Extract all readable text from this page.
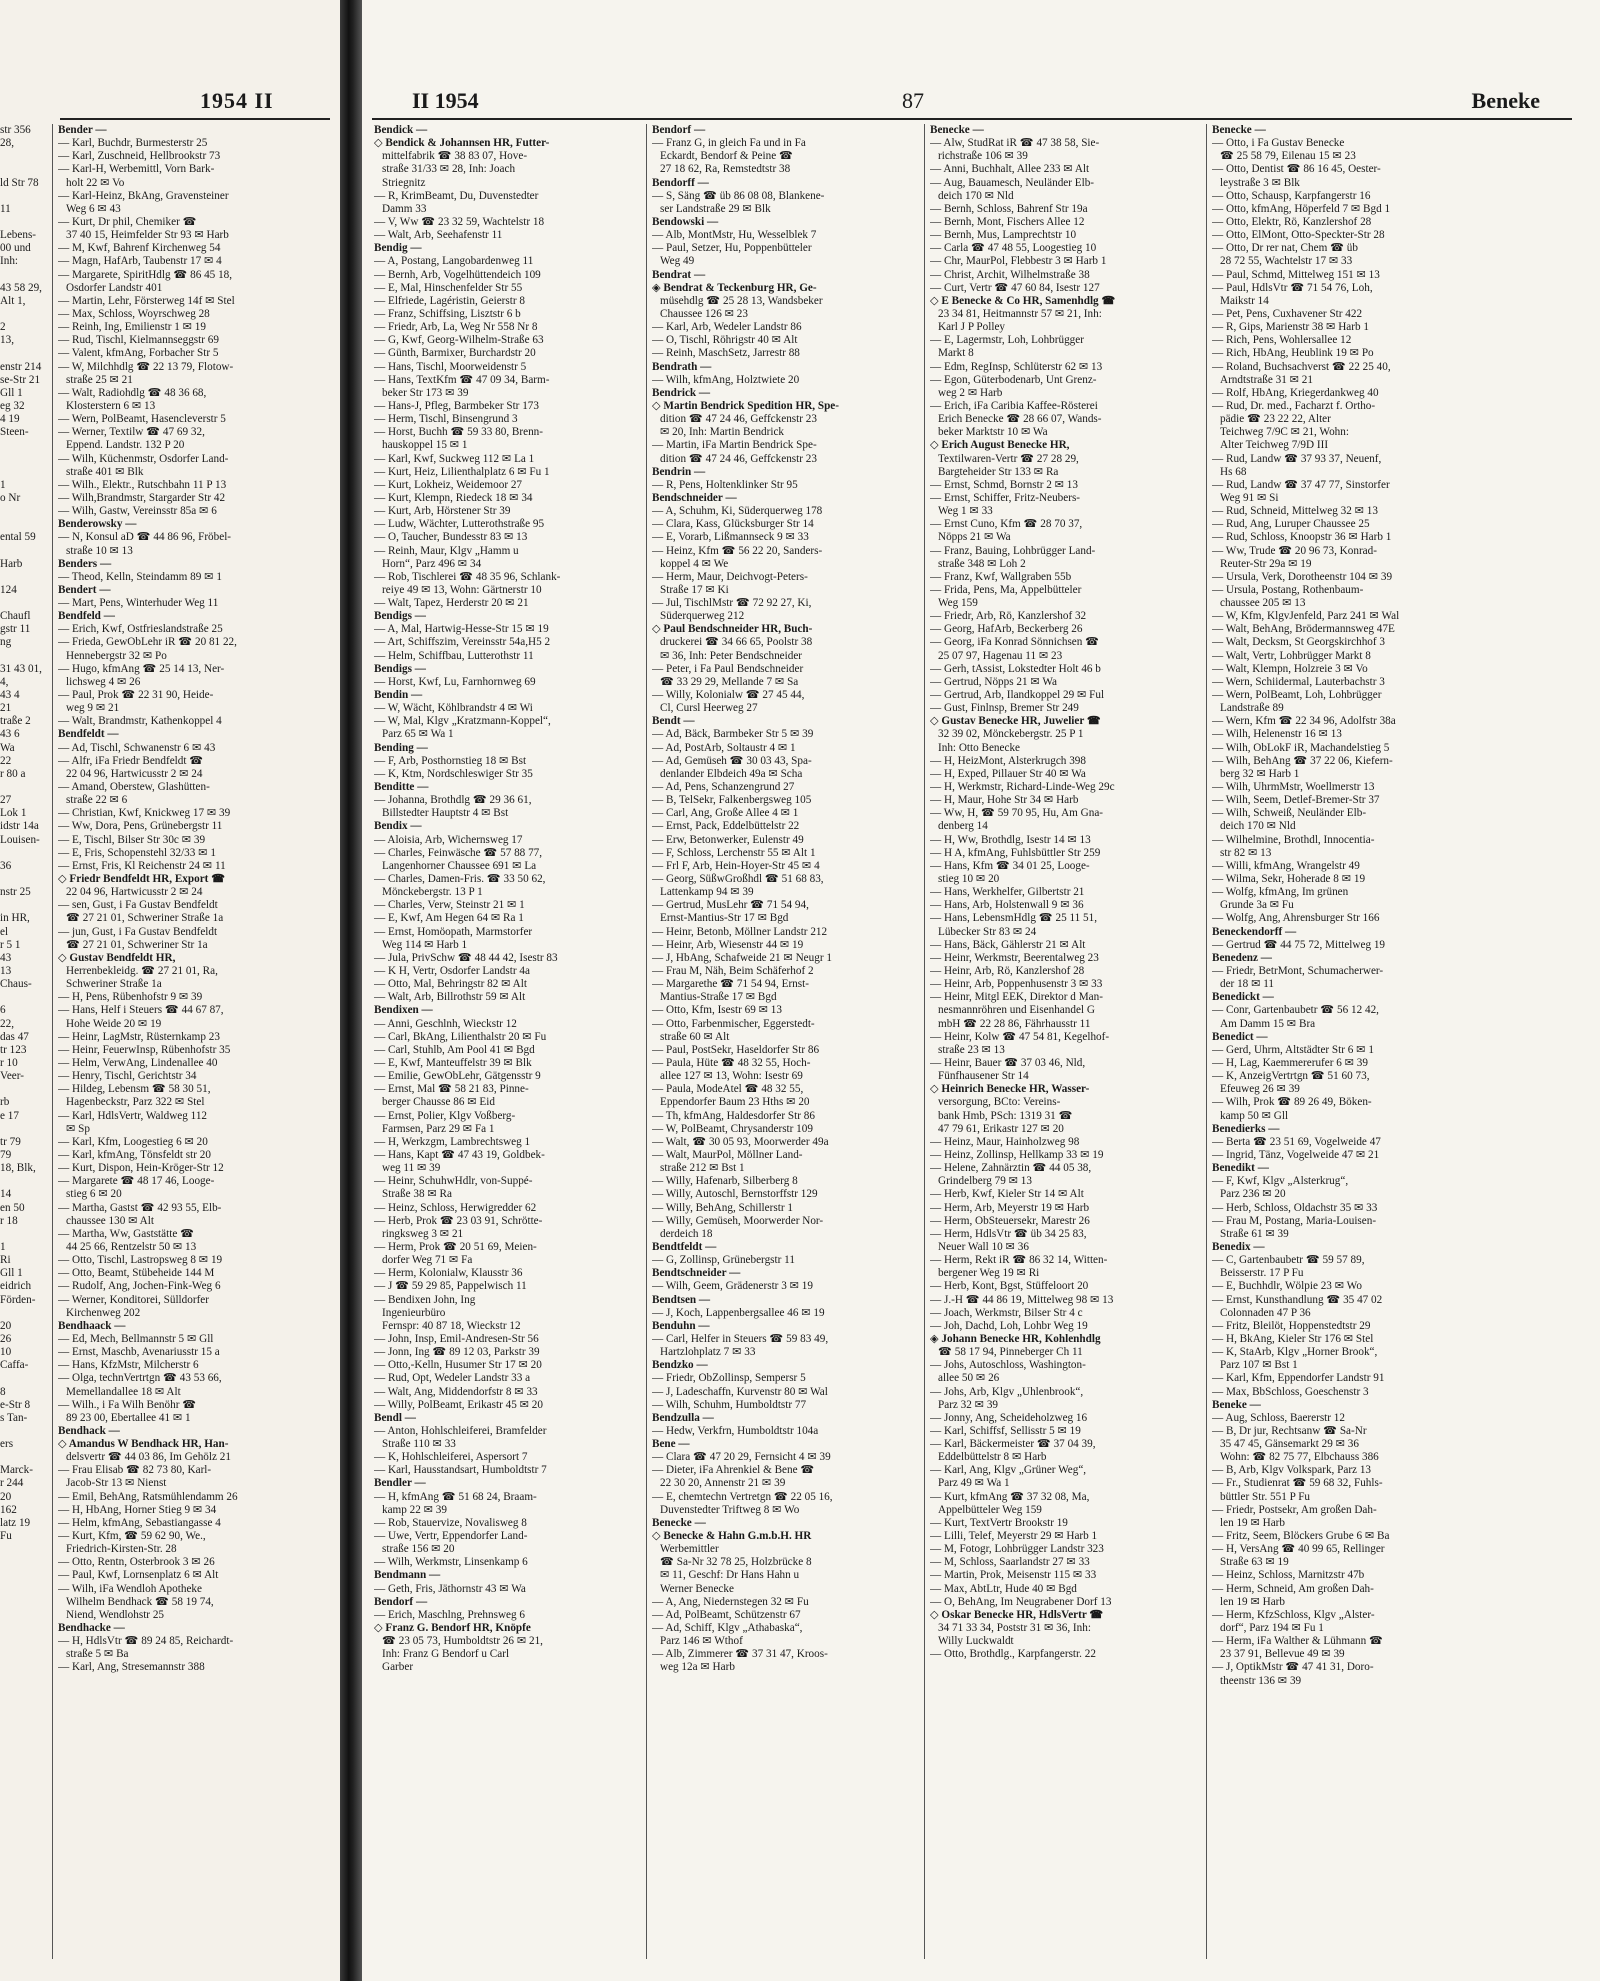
1954 II
str 356
28,
ld Str 78
11
Lebens-
00 und
Inh:
43 58 29,
Alt 1,
2
13,
enstr 214
se-Str 21
Gll 1
eg 32
4 19
Steen-
1
o Nr
ental 59
Harb
124
Chaufl
gstr 11
ng
31 43 01,
4,
43 4
21
traße 2
43 6
Wa
22
r 80 a
27
Lok 1
idstr 14a
Louisen-
36
nstr 25
in HR,
el
r 5 1
43
13
Chaus-
6
22,
das 47
tr 123
r 10
Veer-
rb
e 17
tr 79
79
18, Blk,
14
en 50
r 18
1
Ri
Gll 1
eidrich
Förden-
20
26
10
Caffa-
8
e-Str 8
s Tan-
ers
Marck-
r 244
20
162
latz 19
Fu
Bender —
— Karl, Buchdr, Burmesterstr 25
— Karl, Zuschneid, Hellbrookstr 73
— Karl-H, Werbemittl, Vorn Bark-
holt 22 ✉ Vo
— Karl-Heinz, BkAng, Gravensteiner
Weg 6 ✉ 43
— Kurt, Dr phil, Chemiker ☎
37 40 15, Heimfelder Str 93 ✉ Harb
— M, Kwf, Bahrenf Kirchenweg 54
— Magn, HafArb, Taubenstr 17 ✉ 4
— Margarete, SpiritHdlg ☎ 86 45 18,
Osdorfer Landstr 401
— Martin, Lehr, Försterweg 14f ✉ Stel
— Max, Schloss, Woyrschweg 28
— Reinh, Ing, Emilienstr 1 ✉ 19
— Rud, Tischl, Kielmannseggstr 69
— Valent, kfmAng, Forbacher Str 5
— W, Milchhdlg ☎ 22 13 79, Flotow-
straße 25 ✉ 21
— Walt, Radiohdlg ☎ 48 36 68,
Klosterstern 6 ✉ 13
— Wern, PolBeamt, Hasencleverstr 5
— Werner, Textilw ☎ 47 69 32,
Eppend. Landstr. 132 P 20
— Wilh, Küchenmstr, Osdorfer Land-
straße 401 ✉ Blk
— Wilh., Elektr., Rutschbahn 11 P 13
— Wilh,Brandmstr, Stargarder Str 42
— Wilh, Gastw, Vereinsstr 85a ✉ 6
Benderowsky —
— N, Konsul aD ☎ 44 86 96, Fröbel-
straße 10 ✉ 13
Benders —
— Theod, Kelln, Steindamm 89 ✉ 1
Bendert —
— Mart, Pens, Winterhuder Weg 11
Bendfeld —
— Erich, Kwf, Ostfrieslandstraße 25
— Frieda, GewObLehr iR ☎ 20 81 22,
Hennebergstr 32 ✉ Po
— Hugo, kfmAng ☎ 25 14 13, Ner-
lichsweg 4 ✉ 26
— Paul, Prok ☎ 22 31 90, Heide-
weg 9 ✉ 21
— Walt, Brandmstr, Kathenkoppel 4
Bendfeldt —
— Ad, Tischl, Schwanenstr 6 ✉ 43
— Alfr, iFa Friedr Bendfeldt ☎
22 04 96, Hartwicusstr 2 ✉ 24
— Amand, Oberstew, Glashütten-
straße 22 ✉ 6
— Christian, Kwf, Knickweg 17 ✉ 39
— Ww, Dora, Pens, Grünebergstr 11
— E, Tischl, Bilser Str 30c ✉ 39
— E, Fris, Schopenstehl 32/33 ✉ 1
— Ernst, Fris, Kl Reichenstr 24 ✉ 11
◇ Friedr Bendfeldt HR, Export ☎
22 04 96, Hartwicusstr 2 ✉ 24
— sen, Gust, i Fa Gustav Bendfeldt
☎ 27 21 01, Schweriner Straße 1a
— jun, Gust, i Fa Gustav Bendfeldt
☎ 27 21 01, Schweriner Str 1a
◇ Gustav Bendfeldt HR,
Herrenbekleidg. ☎ 27 21 01, Ra,
Schweriner Straße 1a
— H, Pens, Rübenhofstr 9 ✉ 39
— Hans, Helf i Steuers ☎ 44 67 87,
Hohe Weide 20 ✉ 19
— Heinr, LagMstr, Rüsternkamp 23
— Heinr, FeuerwInsp, Rübenhofstr 35
— Helm, VerwAng, Lindenallee 40
— Henry, Tischl, Gerichtstr 34
— Hildeg, Lebensm ☎ 58 30 51,
Hagenbeckstr, Parz 322 ✉ Stel
— Karl, HdlsVertr, Waldweg 112
✉ Sp
— Karl, Kfm, Loogestieg 6 ✉ 20
— Karl, kfmAng, Tönsfeldt str 20
— Kurt, Dispon, Hein-Kröger-Str 12
— Margarete ☎ 48 17 46, Looge-
stieg 6 ✉ 20
— Martha, Gastst ☎ 42 93 55, Elb-
chaussee 130 ✉ Alt
— Martha, Ww, Gaststätte ☎
44 25 66, Rentzelstr 50 ✉ 13
— Otto, Tischl, Lastropsweg 8 ✉ 19
— Otto, Beamt, Stübeheide 144 M
— Rudolf, Ang, Jochen-Fink-Weg 6
— Werner, Konditorei, Sülldorfer
Kirchenweg 202
Bendhaack —
— Ed, Mech, Bellmannstr 5 ✉ Gll
— Ernst, Maschb, Avenariusstr 15 a
— Hans, KfzMstr, Milcherstr 6
— Olga, technVertrtgn ☎ 43 53 66,
Memellandallee 18 ✉ Alt
— Wilh., i Fa Wilh Benöhr ☎
89 23 00, Ebertallee 41 ✉ 1
Bendhack —
◇ Amandus W Bendhack HR, Han-
delsvertr ☎ 44 03 86, Im Gehölz 21
— Frau Elisab ☎ 82 73 80, Karl-
Jacob-Str 13 ✉ Nienst
— Emil, BehAng, Ratsmühlendamm 26
— H, HbAng, Horner Stieg 9 ✉ 34
— Helm, kfmAng, Sebastiangasse 4
— Kurt, Kfm, ☎ 59 62 90, We.,
Friedrich-Kirsten-Str. 28
— Otto, Rentn, Osterbrook 3 ✉ 26
— Paul, Kwf, Lornsenplatz 6 ✉ Alt
— Wilh, iFa Wendloh Apotheke
Wilhelm Bendhack ☎ 58 19 74,
Niend, Wendlohstr 25
Bendhacke —
— H, HdlsVtr ☎ 89 24 85, Reichardt-
straße 5 ✉ Ba
— Karl, Ang, Stresemannstr 388
II 1954	87	Beneke
Bendick —
◇ Bendick & Johannsen HR, Futter-
mittelfabrik ☎ 38 83 07, Hove-
straße 31/33 ✉ 28, Inh: Joach
Striegnitz
— R, KrimBeamt, Du, Duvenstedter
Damm 33
— V, Ww ☎ 23 32 59, Wachtelstr 18
— Walt, Arb, Seehafenstr 11
Bendig —
— A, Postang, Langobardenweg 11
— Bernh, Arb, Vogelhüttendeich 109
— E, Mal, Hinschenfelder Str 55
— Elfriede, Lagéristin, Geierstr 8
— Franz, Schiffsing, Lisztstr 6 b
— Friedr, Arb, La, Weg Nr 558 Nr 8
— G, Kwf, Georg-Wilhelm-Straße 63
— Günth, Barmixer, Burchardstr 20
— Hans, Tischl, Moorweidenstr 5
— Hans, TextKfm ☎ 47 09 34, Barm-
beker Str 173 ✉ 39
— Hans-J, Pfleg, Barmbeker Str 173
— Herm, Tischl, Binsengrund 3
— Horst, Buchh ☎ 59 33 80, Brenn-
hauskoppel 15 ✉ 1
— Karl, Kwf, Suckweg 112 ✉ La 1
— Kurt, Heiz, Lilienthalplatz 6 ✉ Fu 1
— Kurt, Lokheiz, Weidemoor 27
— Kurt, Klempn, Riedeck 18 ✉ 34
— Kurt, Arb, Hörstener Str 39
— Ludw, Wächter, Lutterothstraße 95
— O, Taucher, Bundesstr 83 ✉ 13
— Reinh, Maur, Klgv „Hamm u
Horn“, Parz 496 ✉ 34
— Rob, Tischlerei ☎ 48 35 96, Schlank-
reiye 49 ✉ 13, Wohn: Gärtnerstr 10
— Walt, Tapez, Herderstr 20 ✉ 21
Bendigs —
— A, Mal, Hartwig-Hesse-Str 15 ✉ 19
— Art, Schiffszim, Vereinsstr 54a,H5 2
— Helm, Schiffbau, Lutterothstr 11
Bendigs —
— Horst, Kwf, Lu, Farnhornweg 69
Bendin —
— W, Wächt, Köhlbrandstr 4 ✉ Wi
— W, Mal, Klgv „Kratzmann-Koppel“,
Parz 65 ✉ Wa 1
Bending —
— F, Arb, Posthornstieg 18 ✉ Bst
— K, Ktm, Nordschleswiger Str 35
Benditte —
— Johanna, Brothdlg ☎ 29 36 61,
Billstedter Hauptstr 4 ✉ Bst
Bendix —
— Aloisia, Arb, Wichernsweg 17
— Charles, Feinwäsche ☎ 57 88 77,
Langenhorner Chaussee 691 ✉ La
— Charles, Damen-Fris. ☎ 33 50 62,
Mönckebergstr. 13 P 1
— Charles, Verw, Steinstr 21 ✉ 1
— E, Kwf, Am Hegen 64 ✉ Ra 1
— Ernst, Homöopath, Marmstorfer
Weg 114 ✉ Harb 1
— Jula, PrivSchw ☎ 48 44 42, Isestr 83
— K H, Vertr, Osdorfer Landstr 4a
— Otto, Mal, Behringstr 82 ✉ Alt
— Walt, Arb, Billrothstr 59 ✉ Alt
Bendixen —
— Anni, Geschlnh, Wieckstr 12
— Carl, BkAng, Lilienthalstr 20 ✉ Fu
— Carl, Stuhlb, Am Pool 41 ✉ Bgd
— E, Kwf, Manteuffelstr 39 ✉ Blk
— Emilie, GewObLehr, Gätgensstr 9
— Ernst, Mal ☎ 58 21 83, Pinne-
berger Chausse 86 ✉ Eid
— Ernst, Polier, Klgv Voßberg-
Farmsen, Parz 29 ✉ Fa 1
— H, Werkzgm, Lambrechtsweg 1
— Hans, Kapt ☎ 47 43 19, Goldbek-
weg 11 ✉ 39
— Heinr, SchuhwHdlr, von-Suppé-
Straße 38 ✉ Ra
— Heinz, Schloss, Herwigredder 62
— Herb, Prok ☎ 23 03 91, Schrötte-
ringksweg 3 ✉ 21
— Herm, Prok ☎ 20 51 69, Meien-
dorfer Weg 71 ✉ Fa
— Herm, Kolonialw, Klausstr 36
— J ☎ 59 29 85, Pappelwisch 11
— Bendixen John, Ing
Ingenieurbüro
Fernspr: 40 87 18, Wieckstr 12
— John, Insp, Emil-Andresen-Str 56
— Jonn, Ing ☎ 89 12 03, Parkstr 39
— Otto,-Kelln, Husumer Str 17 ✉ 20
— Rud, Opt, Wedeler Landstr 33 a
— Walt, Ang, Middendorfstr 8 ✉ 33
— Willy, PolBeamt, Erikastr 45 ✉ 20
Bendl —
— Anton, Hohlschleiferei, Bramfelder
Straße 110 ✉ 33
— K, Hohlschleiferei, Aspersort 7
— Karl, Hausstandsart, Humboldtstr 7
Bendler —
— H, kfmAng ☎ 51 68 24, Braam-
kamp 22 ✉ 39
— Rob, Stauervize, Novalisweg 8
— Uwe, Vertr, Eppendorfer Land-
straße 156 ✉ 20
— Wilh, Werkmstr, Linsenkamp 6
Bendmann —
— Geth, Fris, Jäthornstr 43 ✉ Wa
Bendorf —
— Erich, Maschlng, Prehnsweg 6
◇ Franz G. Bendorf HR, Knöpfe
☎ 23 05 73, Humboldtstr 26 ✉ 21,
Inh: Franz G Bendorf u Carl
Garber
Bendorf —
— Franz G, in gleich Fa und in Fa
Eckardt, Bendorf & Peine ☎
27 18 62, Ra, Remstedtstr 38
Bendorff —
— S, Säng ☎ üb 86 08 08, Blankene-
ser Landstraße 29 ✉ Blk
Bendowski —
— Alb, MontMstr, Hu, Wesselblek 7
— Paul, Setzer, Hu, Poppenbütteler
Weg 49
Bendrat —
◈ Bendrat & Teckenburg HR, Ge-
müsehdlg ☎ 25 28 13, Wandsbeker
Chaussee 126 ✉ 23
— Karl, Arb, Wedeler Landstr 86
— O, Tischl, Röhrigstr 40 ✉ Alt
— Reinh, MaschSetz, Jarrestr 88
Bendrath —
— Wilh, kfmAng, Holztwiete 20
Bendrick —
◇ Martin Bendrick Spedition HR, Spe-
dition ☎ 47 24 46, Geffckenstr 23
✉ 20, Inh: Martin Bendrick
— Martin, iFa Martin Bendrick Spe-
dition ☎ 47 24 46, Geffckenstr 23
Bendrin —
— R, Pens, Holtenklinker Str 95
Bendschneider —
— A, Schuhm, Ki, Süderquerweg 178
— Clara, Kass, Glücksburger Str 14
— E, Vorarb, Lißmannseck 9 ✉ 33
— Heinz, Kfm ☎ 56 22 20, Sanders-
koppel 4 ✉ We
— Herm, Maur, Deichvogt-Peters-
Straße 17 ✉ Ki
— Jul, TischlMstr ☎ 72 92 27, Ki,
Süderquerweg 212
◇ Paul Bendschneider HR, Buch-
druckerei ☎ 34 66 65, Poolstr 38
✉ 36, Inh: Peter Bendschneider
— Peter, i Fa Paul Bendschneider
☎ 33 29 29, Mellande 7 ✉ Sa
— Willy, Kolonialw ☎ 27 45 44,
Cl, Cursl Heerweg 27
Bendt —
— Ad, Bäck, Barmbeker Str 5 ✉ 39
— Ad, PostArb, Soltaustr 4 ✉ 1
— Ad, Gemüseh ☎ 30 03 43, Spa-
denlander Elbdeich 49a ✉ Scha
— Ad, Pens, Schanzengrund 27
— B, TelSekr, Falkenbergsweg 105
— Carl, Ang, Große Allee 4 ✉ 1
— Ernst, Pack, Eddelbüttelstr 22
— Erw, Betonwerker, Eulenstr 49
— F, Schloss, Lerchenstr 55 ✉ Alt 1
— Frl F, Arb, Hein-Hoyer-Str 45 ✉ 4
— Georg, SüßwGroßhdl ☎ 51 68 83,
Lattenkamp 94 ✉ 39
— Gertrud, MusLehr ☎ 71 54 94,
Ernst-Mantius-Str 17 ✉ Bgd
— Heinr, Betonb, Möllner Landstr 212
— Heinr, Arb, Wiesenstr 44 ✉ 19
— J, HbAng, Schafweide 21 ✉ Neugr 1
— Frau M, Näh, Beim Schäferhof 2
— Margarethe ☎ 71 54 94, Ernst-
Mantius-Straße 17 ✉ Bgd
— Otto, Kfm, Isestr 69 ✉ 13
— Otto, Farbenmischer, Eggerstedt-
straße 60 ✉ Alt
— Paul, PostSekr, Haseldorfer Str 86
— Paula, Hüte ☎ 48 32 55, Hoch-
allee 127 ✉ 13, Wohn: Isestr 69
— Paula, ModeAtel ☎ 48 32 55,
Eppendorfer Baum 23 Hths ✉ 20
— Th, kfmAng, Haldesdorfer Str 86
— W, PolBeamt, Chrysanderstr 109
— Walt, ☎ 30 05 93, Moorwerder 49a
— Walt, MaurPol, Möllner Land-
straße 212 ✉ Bst 1
— Willy, Hafenarb, Silberberg 8
— Willy, Autoschl, Bernstorffstr 129
— Willy, BehAng, Schillerstr 1
— Willy, Gemüseh, Moorwerder Nor-
derdeich 18
Bendtfeldt —
— G, Zollinsp, Grünebergstr 11
Bendtschneider —
— Wilh, Geem, Grädenerstr 3 ✉ 19
Bendtsen —
— J, Koch, Lappenbergsallee 46 ✉ 19
Benduhn —
— Carl, Helfer in Steuers ☎ 59 83 49,
Hartzlohplatz 7 ✉ 33
Bendzko —
— Friedr, ObZollinsp, Sempersr 5
— J, Ladeschaffn, Kurvenstr 80 ✉ Wal
— Wilh, Schuhm, Humboldtstr 77
Bendzulla —
— Hedw, Verkfrn, Humboldtstr 104a
Bene —
— Clara ☎ 47 20 29, Fernsicht 4 ✉ 39
— Dieter, iFa Ahrenkiel & Bene ☎
22 30 20, Annenstr 21 ✉ 39
— E, chemtechn Vertretgn ☎ 22 05 16,
Duvenstedter Triftweg 8 ✉ Wo
Benecke —
◇ Benecke & Hahn G.m.b.H. HR
Werbemittler
☎ Sa-Nr 32 78 25, Holzbrücke 8
✉ 11, Geschf: Dr Hans Hahn u
Werner Benecke
— A, Ang, Niedernstegen 32 ✉ Fu
— Ad, PolBeamt, Schützenstr 67
— Ad, Schiff, Klgv „Athabaska“,
Parz 146 ✉ Wthof
— Alb, Zimmerer ☎ 37 31 47, Kroos-
weg 12a ✉ Harb
Benecke —
— Alw, StudRat iR ☎ 47 38 58, Sie-
richstraße 106 ✉ 39
— Anni, Buchhalt, Allee 233 ✉ Alt
— Aug, Bauamesch, Neuländer Elb-
deich 170 ✉ Nld
— Bernh, Schloss, Bahrenf Str 19a
— Bernh, Mont, Fischers Allee 12
— Bernh, Mus, Lamprechtstr 10
— Carla ☎ 47 48 55, Loogestieg 10
— Chr, MaurPol, Flebbestr 3 ✉ Harb 1
— Christ, Archit, Wilhelmstraße 38
— Curt, Vertr ☎ 47 60 84, Isestr 127
◇ E Benecke & Co HR, Samenhdlg ☎
23 34 81, Heitmannstr 57 ✉ 21, Inh:
Karl J P Polley
— E, Lagermstr, Loh, Lohbrügger
Markt 8
— Edm, RegInsp, Schlüterstr 62 ✉ 13
— Egon, Güterbodenarb, Unt Grenz-
weg 2 ✉ Harb
— Erich, iFa Caribia Kaffee-Rösterei
Erich Benecke ☎ 28 66 07, Wands-
beker Marktstr 10 ✉ Wa
◇ Erich August Benecke HR,
Textilwaren-Vertr ☎ 27 28 29,
Bargteheider Str 133 ✉ Ra
— Ernst, Schmd, Bornstr 2 ✉ 13
— Ernst, Schiffer, Fritz-Neubers-
Weg 1 ✉ 33
— Ernst Cuno, Kfm ☎ 28 70 37,
Nöpps 21 ✉ Wa
— Franz, Bauing, Lohbrügger Land-
straße 348 ✉ Loh 2
— Franz, Kwf, Wallgraben 55b
— Frida, Pens, Ma, Appelbütteler
Weg 159
— Friedr, Arb, Rö, Kanzlershof 32
— Georg, HafArb, Beckerberg 26
— Georg, iFa Konrad Sönnichsen ☎
25 07 97, Hagenau 11 ✉ 23
— Gerh, tAssist, Lokstedter Holt 46 b
— Gertrud, Nöpps 21 ✉ Wa
— Gertrud, Arb, Ilandkoppel 29 ✉ Ful
— Gust, Finlnsp, Bremer Str 249
◇ Gustav Benecke HR, Juwelier ☎
32 39 02, Mönckebergstr. 25 P 1
Inh: Otto Benecke
— H, HeizMont, Alsterkrugch 398
— H, Exped, Pillauer Str 40 ✉ Wa
— H, Werkmstr, Richard-Linde-Weg 29c
— H, Maur, Hohe Str 34 ✉ Harb
— Ww, H, ☎ 59 70 95, Hu, Am Gna-
denberg 14
— H, Ww, Brothdlg, Isestr 14 ✉ 13
— H A, kfmAng, Fuhlsbüttler Str 259
— Hans, Kfm ☎ 34 01 25, Looge-
stieg 10 ✉ 20
— Hans, Werkhelfer, Gilbertstr 21
— Hans, Arb, Holstenwall 9 ✉ 36
— Hans, LebensmHdlg ☎ 25 11 51,
Lübecker Str 83 ✉ 24
— Hans, Bäck, Gählerstr 21 ✉ Alt
— Heinr, Werkmstr, Beerentalweg 23
— Heinr, Arb, Rö, Kanzlershof 28
— Heinr, Arb, Poppenhusenstr 3 ✉ 33
— Heinr, Mitgl EEK, Direktor d Man-
nesmannröhren und Eisenhandel G
mbH ☎ 22 28 86, Fährhausstr 11
— Heinr, Kolw ☎ 47 54 81, Kegelhof-
straße 23 ✉ 13
— Heinr, Bauer ☎ 37 03 46, Nld,
Fünfhausener Str 14
◇ Heinrich Benecke HR, Wasser-
versorgung, BCto: Vereins-
bank Hmb, PSch: 1319 31 ☎
47 79 61, Erikastr 127 ✉ 20
— Heinz, Maur, Hainholzweg 98
— Heinz, Zollinsp, Hellkamp 33 ✉ 19
— Helene, Zahnärztin ☎ 44 05 38,
Grindelberg 79 ✉ 13
— Herb, Kwf, Kieler Str 14 ✉ Alt
— Herm, Arb, Meyerstr 19 ✉ Harb
— Herm, ObSteuersekr, Marestr 26
— Herm, HdlsVtr ☎ üb 34 25 83,
Neuer Wall 10 ✉ 36
— Herm, Rekt iR ☎ 86 32 14, Witten-
bergener Weg 19 ✉ Ri
— Herb, Kont, Bgst, Stüffeloort 20
— J.-H ☎ 44 86 19, Mittelweg 98 ✉ 13
— Joach, Werkmstr, Bilser Str 4 c
— Joh, Dachd, Loh, Lohbr Weg 19
◈ Johann Benecke HR, Kohlenhdlg
☎ 58 17 94, Pinneberger Ch 11
— Johs, Autoschloss, Washington-
allee 50 ✉ 26
— Johs, Arb, Klgv „Uhlenbrook“,
Parz 32 ✉ 39
— Jonny, Ang, Scheideholzweg 16
— Karl, Schiffsf, Sellisstr 5 ✉ 19
— Karl, Bäckermeister ☎ 37 04 39,
Eddelbüttelstr 8 ✉ Harb
— Karl, Ang, Klgv „Grüner Weg“,
Parz 49 ✉ Wa 1
— Kurt, kfmAng ☎ 37 32 08, Ma,
Appelbütteler Weg 159
— Kurt, TextVertr Brookstr 19
— Lilli, Telef, Meyerstr 29 ✉ Harb 1
— M, Fotogr, Lohbrügger Landstr 323
— M, Schloss, Saarlandstr 27 ✉ 33
— Martin, Prok, Meisenstr 115 ✉ 33
— Max, AbtLtr, Hude 40 ✉ Bgd
— O, BehAng, Im Neugrabener Dorf 13
◇ Oskar Benecke HR, HdlsVertr ☎
34 71 33 34, Poststr 31 ✉ 36, Inh:
Willy Luckwaldt
— Otto, Brothdlg., Karpfangerstr. 22
Benecke —
— Otto, i Fa Gustav Benecke
☎ 25 58 79, Eilenau 15 ✉ 23
— Otto, Dentist ☎ 86 16 45, Oester-
leystraße 3 ✉ Blk
— Otto, Schausp, Karpfangerstr 16
— Otto, kfmAng, Höperfeld 7 ✉ Bgd 1
— Otto, Elektr, Rö, Kanzlershof 28
— Otto, ElMont, Otto-Speckter-Str 28
— Otto, Dr rer nat, Chem ☎ üb
28 72 55, Wachtelstr 17 ✉ 33
— Paul, Schmd, Mittelweg 151 ✉ 13
— Paul, HdlsVtr ☎ 71 54 76, Loh,
Maikstr 14
— Pet, Pens, Cuxhavener Str 422
— R, Gips, Marienstr 38 ✉ Harb 1
— Rich, Pens, Wohlersallee 12
— Rich, HbAng, Heublink 19 ✉ Po
— Roland, Buchsachverst ☎ 22 25 40,
Arndtstraße 31 ✉ 21
— Rolf, HbAng, Kriegerdankweg 40
— Rud, Dr. med., Facharzt f. Ortho-
pädie ☎ 23 22 22, Alter
Teichweg 7/9C ✉ 21, Wohn:
Alter Teichweg 7/9D III
— Rud, Landw ☎ 37 93 37, Neuenf,
Hs 68
— Rud, Landw ☎ 37 47 77, Sinstorfer
Weg 91 ✉ Si
— Rud, Schneid, Mittelweg 32 ✉ 13
— Rud, Ang, Luruper Chaussee 25
— Rud, Schloss, Knoopstr 36 ✉ Harb 1
— Ww, Trude ☎ 20 96 73, Konrad-
Reuter-Str 29a ✉ 19
— Ursula, Verk, Dorotheenstr 104 ✉ 39
— Ursula, Postang, Rothenbaum-
chaussee 205 ✉ 13
— W, Kfm, KlgvJenfeld, Parz 241 ✉ Wal
— Walt, BehAng, Brödermannsweg 47E
— Walt, Decksm, St Georgskirchhof 3
— Walt, Vertr, Lohbrügger Markt 8
— Walt, Klempn, Holzreie 3 ✉ Vo
— Wern, Schiidermal, Lauterbachstr 3
— Wern, PolBeamt, Loh, Lohbrügger
Landstraße 89
— Wern, Kfm ☎ 22 34 96, Adolfstr 38a
— Wilh, Helenenstr 16 ✉ 13
— Wilh, ObLokF iR, Machandelstieg 5
— Wilh, BehAng ☎ 37 22 06, Kiefern-
berg 32 ✉ Harb 1
— Wilh, UhrmMstr, Woellmerstr 13
— Wilh, Seem, Detlef-Bremer-Str 37
— Wilh, Schweiß, Neuländer Elb-
deich 170 ✉ Nld
— Wilhelmine, Brothdl, Innocentia-
str 82 ✉ 13
— Willi, kfmAng, Wrangelstr 49
— Wilma, Sekr, Hoherade 8 ✉ 19
— Wolfg, kfmAng, Im grünen
Grunde 3a ✉ Fu
— Wolfg, Ang, Ahrensburger Str 166
Beneckendorff —
— Gertrud ☎ 44 75 72, Mittelweg 19
Benedenz —
— Friedr, BetrMont, Schumacherwer-
der 18 ✉ 11
Benedickt —
— Conr, Gartenbaubetr ☎ 56 12 42,
Am Damm 15 ✉ Bra
Benedict —
— Gerd, Uhrm, Altstädter Str 6 ✉ 1
— H, Lag, Kaemmererufer 6 ✉ 39
— K, AnzeigVertrtgn ☎ 51 60 73,
Efeuweg 26 ✉ 39
— Wilh, Prok ☎ 89 26 49, Böken-
kamp 50 ✉ Gll
Benedierks —
— Berta ☎ 23 51 69, Vogelweide 47
— Ingrid, Tänz, Vogelweide 47 ✉ 21
Benedikt —
— F, Kwf, Klgv „Alsterkrug“,
Parz 236 ✉ 20
— Herb, Schloss, Oldachstr 35 ✉ 33
— Frau M, Postang, Maria-Louisen-
Straße 61 ✉ 39
Benedix —
— C, Gartenbaubetr ☎ 59 57 89,
Beisserstr. 17 P Fu
— E, Buchhdlr, Wölpie 23 ✉ Wo
— Ernst, Kunsthandlung ☎ 35 47 02
Colonnaden 47 P 36
— Fritz, Bleilöt, Hoppenstedtstr 29
— H, BkAng, Kieler Str 176 ✉ Stel
— K, StaArb, Klgv „Horner Brook“,
Parz 107 ✉ Bst 1
— Karl, Kfm, Eppendorfer Landstr 91
— Max, BbSchloss, Goeschenstr 3
Beneke —
— Aug, Schloss, Baererstr 12
— B, Dr jur, Rechtsanw ☎ Sa-Nr
35 47 45, Gänsemarkt 29 ✉ 36
Wohn: ☎ 82 75 77, Elbchauss 386
— B, Arb, Klgv Volkspark, Parz 13
— Fr., Studienrat ☎ 59 68 32, Fuhls-
büttler Str. 551 P Fu
— Friedr, Postsekr, Am großen Dah-
len 19 ✉ Harb
— Fritz, Seem, Blöckers Grube 6 ✉ Ba
— H, VersAng ☎ 40 99 65, Rellinger
Straße 63 ✉ 19
— Heinz, Schloss, Marnitzstr 47b
— Herm, Schneid, Am großen Dah-
len 19 ✉ Harb
— Herm, KfzSchloss, Klgv „Alster-
dorf“, Parz 194 ✉ Fu 1
— Herm, iFa Walther & Lühmann ☎
23 37 91, Bellevue 49 ✉ 39
— J, OptikMstr ☎ 47 41 31, Doro-
theenstr 136 ✉ 39
